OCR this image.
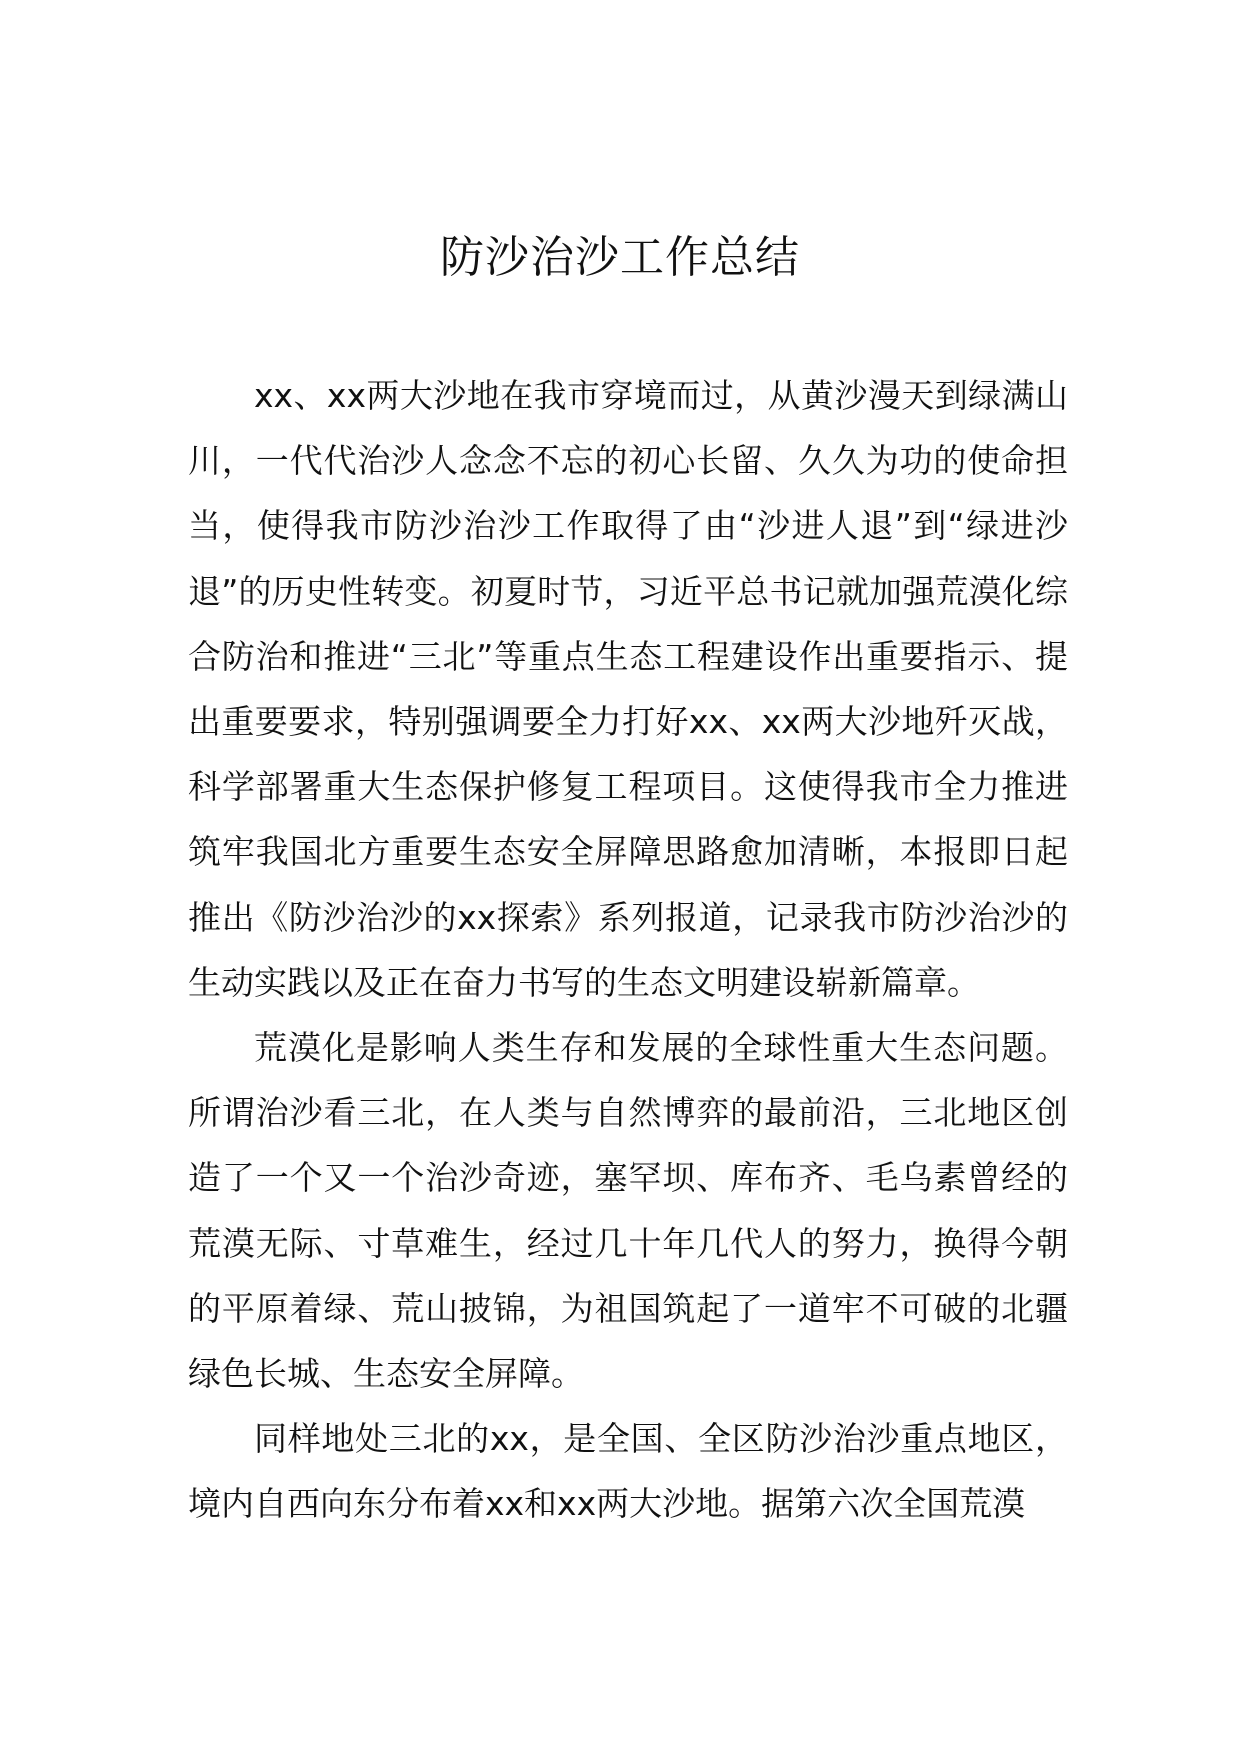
防沙治沙工作总结

xx、xx两大沙地在我市穿境而过，从黄沙漫天到绿满山川，一代代治沙人念念不忘的初心长留、久久为功的使命担当，使得我市防沙治沙工作取得了由“沙进人退”到“绿进沙退”的历史性转变。初夏时节，习近平总书记就加强荒漠化综合防治和推进“三北”等重点生态工程建设作出重要指示、提出重要要求，特别强调要全力打好xx、xx两大沙地歼灭战，科学部署重大生态保护修复工程项目。这使得我市全力推进筑牢我国北方重要生态安全屏障思路愈加清晰，本报即日起推出《防沙治沙的xx探索》系列报道，记录我市防沙治沙的生动实践以及正在奋力书写的生态文明建设崭新篇章。

荒漠化是影响人类生存和发展的全球性重大生态问题。所谓治沙看三北，在人类与自然博弈的最前沿，三北地区创造了一个又一个治沙奇迹，塞罕坝、库布齐、毛乌素曾经的荒漠无际、寸草难生，经过几十年几代人的努力，换得今朝的平原着绿、荒山披锦，为祖国筑起了一道牢不可破的北疆绿色长城、生态安全屏障。

同样地处三北的xx，是全国、全区防沙治沙重点地区，境内自西向东分布着xx和xx两大沙地。据第六次全国荒漠
